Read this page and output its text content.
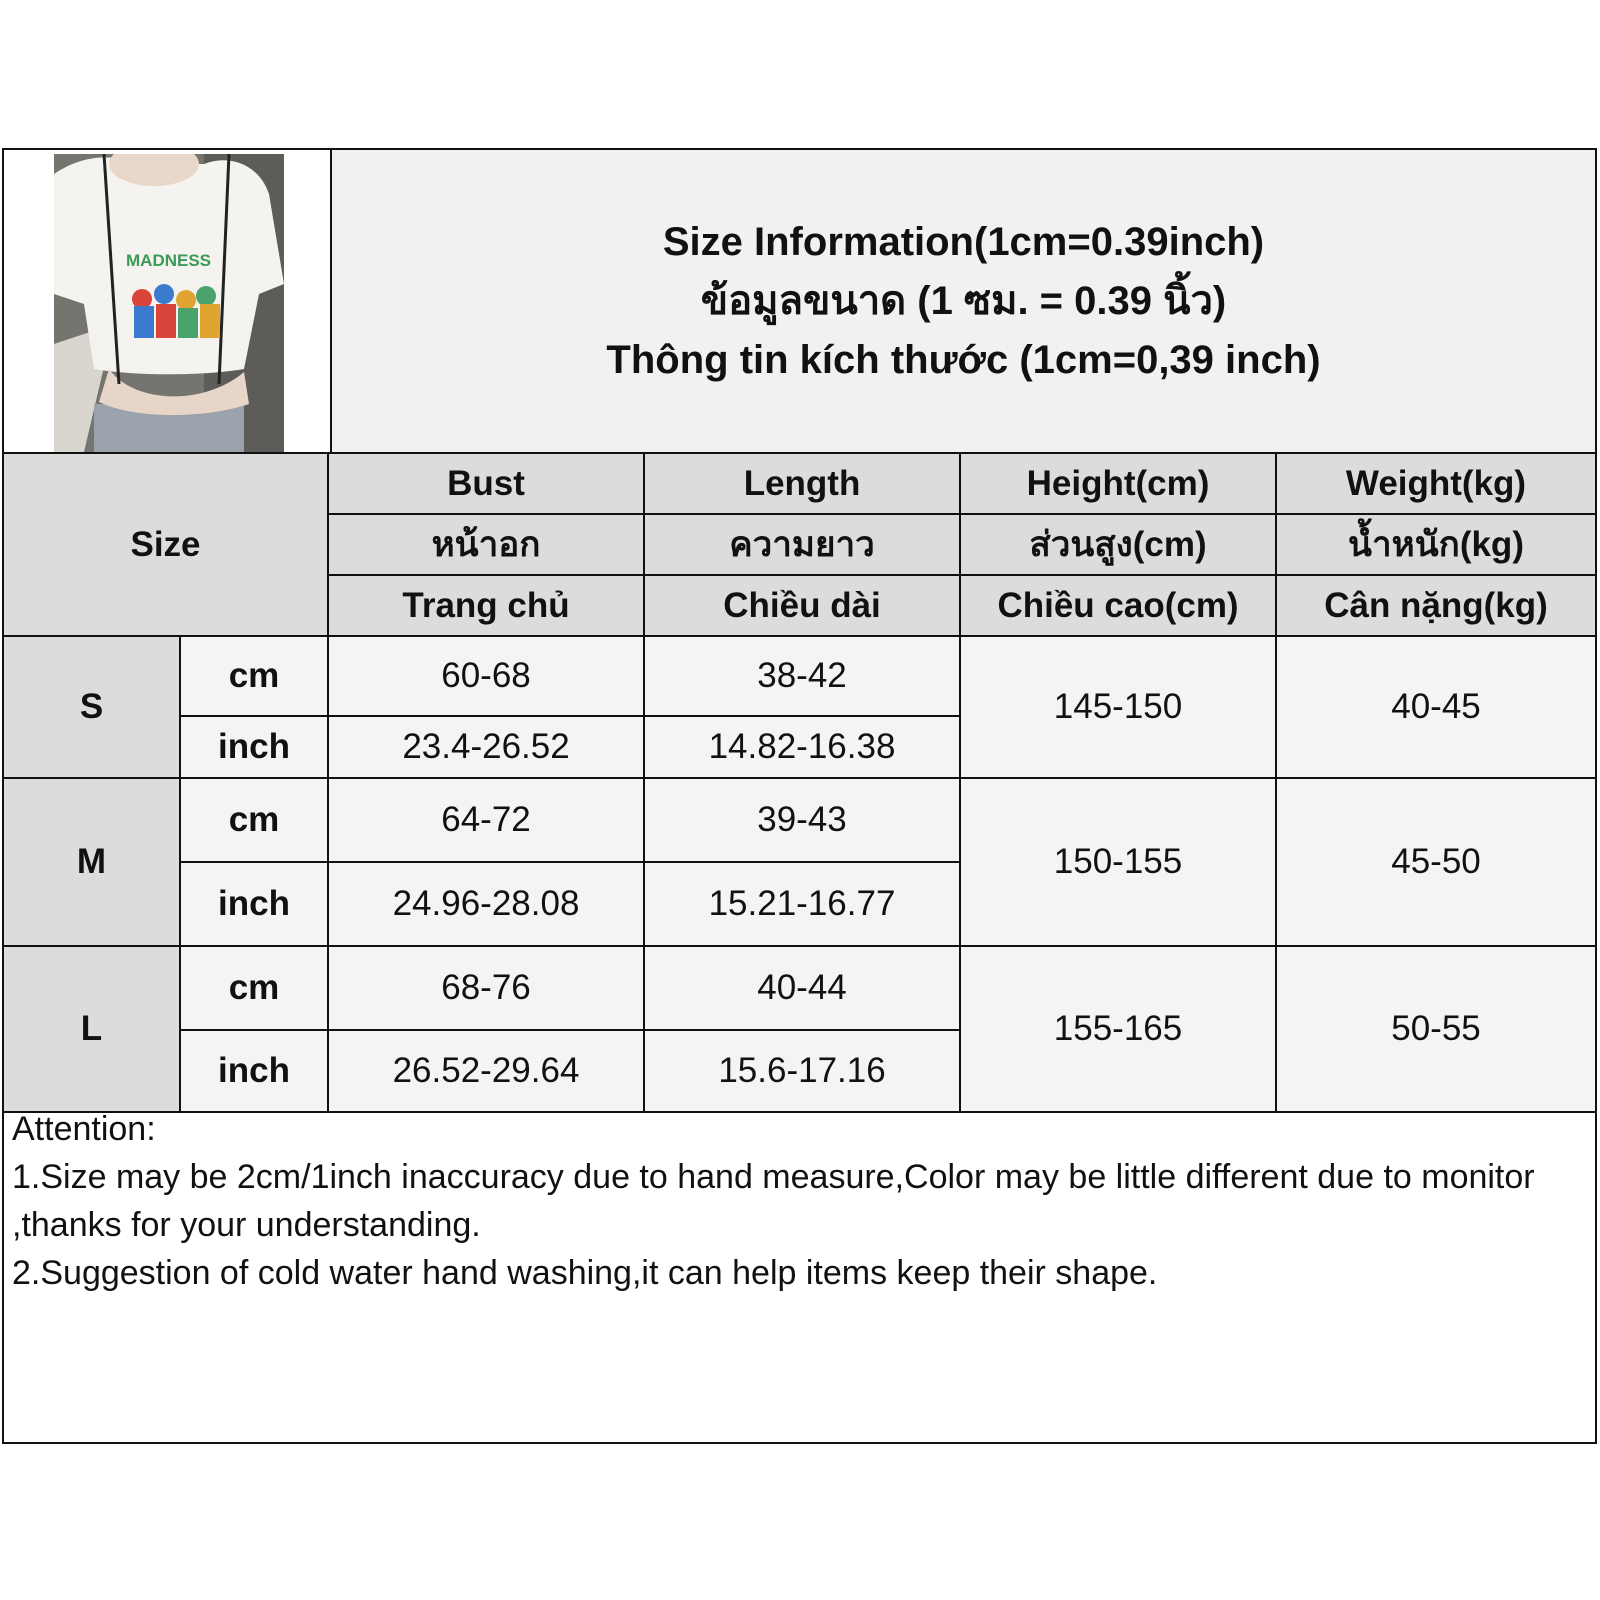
MADNESS	Size Information(1cm=0.39inch)
ข้อมูลขนาด (1 ซม. = 0.39 นิ้ว)
Thông tin kích thước (1cm=0,39 inch)
Size		Bust	Length	Height(cm)	Weight(kg)
		หน้าอก	ความยาว	ส่วนสูง(cm)	น้ำหนัก(kg)
		Trang chủ	Chiều dài	Chiều cao(cm)	Cân nặng(kg)
S	cm	60-68	38-42	145-150	40-45
	inch	23.4-26.52	14.82-16.38		
M	cm	64-72	39-43	150-155	45-50
	inch	24.96-28.08	15.21-16.77		
L	cm	68-76	40-44	155-165	50-55
	inch	26.52-29.64	15.6-17.16		

Attention:

1.Size may be 2cm/1inch inaccuracy due to hand measure,Color may be little different due to monitor ,thanks for your understanding.

2.Suggestion of cold water hand washing,it can help items keep their shape.
